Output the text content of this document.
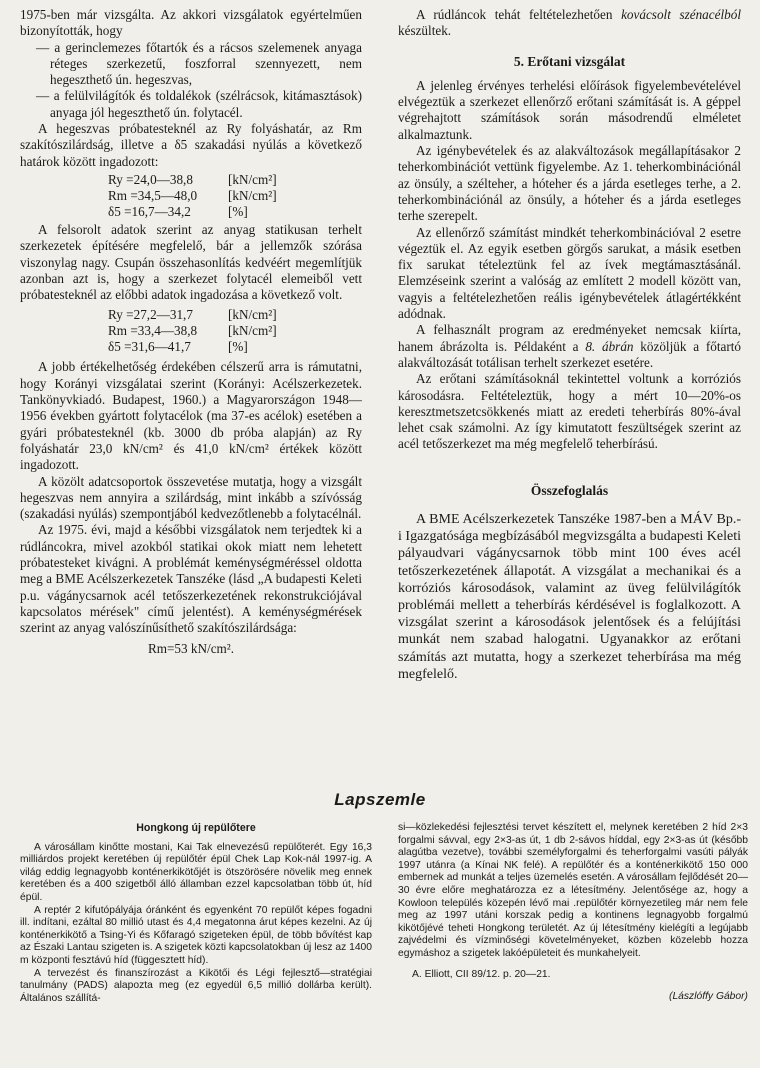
1975-ben már vizsgálta. Az akkori vizsgálatok egyértelműen bizonyították, hogy

— a gerinclemezes főtartók és a rácsos szelemenek anyaga réteges szerkezetű, foszforral szennyezett, nem hegeszthető ún. hegeszvas,

— a felülvilágítók és toldalékok (szélrácsok, kitámasztások) anyaga jól hegeszthető ún. folytacél.

A hegeszvas próbatesteknél az Ry folyáshatár, az Rm szakítószilárdság, illetve a δ5 szakadási nyúlás a következő határok között ingadozott:

Ry =24,0—38,8	[kN/cm²]
Rm =34,5—48,0	[kN/cm²]
δ5 =16,7—34,2	[%]

A felsorolt adatok szerint az anyag statikusan terhelt szerkezetek építésére megfelelő, bár a jellemzők szórása viszonylag nagy. Csupán összehasonlítás kedvéért megemlítjük azonban azt is, hogy a szerkezet folytacél elemeiből vett próbatesteknél az előbbi adatok ingadozása a következő volt.

Ry =27,2—31,7	[kN/cm²]
Rm =33,4—38,8	[kN/cm²]
δ5 =31,6—41,7	[%]

A jobb értékelhetőség érdekében célszerű arra is rámutatni, hogy Korányi vizsgálatai szerint (Korányi: Acélszerkezetek. Tankönyvkiadó. Budapest, 1960.) a Magyarországon 1948—1956 években gyártott folytacélok (ma 37-es acélok) esetében a gyári próbatesteknél (kb. 3000 db próba alapján) az Ry folyáshatár 23,0 kN/cm² és 41,0 kN/cm² értékek között ingadozott.

A közölt adatcsoportok összevetése mutatja, hogy a vizsgált hegeszvas nem annyira a szilárdság, mint inkább a szívósság (szakadási nyúlás) szempontjából kedvezőtlenebb a folytacélnál.

Az 1975. évi, majd a későbbi vizsgálatok nem terjedtek ki a rúdláncokra, mivel azokból statikai okok miatt nem lehetett próbatesteket kivágni. A problémát keménységméréssel oldotta meg a BME Acélszerkezetek Tanszéke (lásd „A budapesti Keleti p.u. vágánycsarnok acél tetőszerkezetének rekonstrukciójával kapcsolatos mérések" című jelentést). A keménységmérések szerint az anyag valószínűsíthető szakítószilárdsága:

Rm=53 kN/cm².

A rúdláncok tehát feltételezhetően kovácsolt szénacélból készültek.

5. Erőtani vizsgálat

A jelenleg érvényes terhelési előírások figyelembevételével elvégeztük a szerkezet ellenőrző erőtani számítását is. A géppel végrehajtott számítások során másodrendű elméletet alkalmaztunk.

Az igénybevételek és az alakváltozások megállapításakor 2 teherkombinációt vettünk figyelembe. Az 1. teherkombinációnál az önsúly, a szélteher, a hóteher és a járda esetleges terhe, a 2. teherkombinációnál az önsúly, a hóteher és a járda esetleges terhe szerepelt.

Az ellenőrző számítást mindkét teherkombinációval 2 esetre végeztük el. Az egyik esetben görgős sarukat, a másik esetben fix sarukat tételeztünk fel az ívek megtámasztásánál. Elemzéseink szerint a valóság az említett 2 modell között van, vagyis a feltételezhetően reális igénybevételek átlagértékként adódnak.

A felhasznált program az eredményeket nemcsak kiírta, hanem ábrázolta is. Példaként a 8. ábrán közöljük a főtartó alakváltozását totálisan terhelt szerkezet esetére.

Az erőtani számításoknál tekintettel voltunk a korróziós károsodásra. Feltételeztük, hogy a mért 10—20%-os keresztmetszetcsökkenés miatt az eredeti teherbírás 80%-ával lehet csak számolni. Az így kimutatott feszültségek szerint az acél tetőszerkezet ma még megfelelő teherbírású.

Összefoglalás

A BME Acélszerkezetek Tanszéke 1987-ben a MÁV Bp.-i Igazgatósága megbízásából megvizsgálta a budapesti Keleti pályaudvari vágánycsarnok több mint 100 éves acél tetőszerkezetének állapotát. A vizsgálat a mechanikai és a korróziós károsodások, valamint az üveg felülvilágítók problémái mellett a teherbírás kérdésével is foglalkozott. A vizsgálat szerint a károsodások jelentősek és a felújítási munkát nem szabad halogatni. Ugyanakkor az erőtani számítás azt mutatta, hogy a szerkezet teherbírása ma még megfelelő.

Lapszemle

Hongkong új repülőtere

A városállam kinőtte mostani, Kai Tak elnevezésű repülőterét. Egy 16,3 milliárdos projekt keretében új repülőtér épül Chek Lap Kok-nál 1997-ig. A világ eddig legnagyobb konténerkikötőjét is ötszörösére növelik meg ennek keretében és a 400 szigetből álló államban ezzel kapcsolatban több út, híd épül.

A reptér 2 kifutópályája óránként és egyenként 70 repülőt képes fogadni ill. indítani, ezáltal 80 millió utast és 4,4 megatonna árut képes kezelni. Az új konténerkikötő a Tsing-Yi és Kőfaragó szigeteken épül, de több bővítést kap az Északi Lantau szigeten is. A szigetek közti kapcsolatokban új lesz az 1400 m központi fesztávú híd (függesztett híd).

A tervezést és finanszírozást a Kikötői és Légi fejlesztő—stratégiai tanulmány (PADS) alapozta meg (ez egyedül 6,5 millió dollárba került). Általános szállítá-

si—közlekedési fejlesztési tervet készített el, melynek keretében 2 híd 2×3 forgalmi sávval, egy 2×3-as út, 1 db 2-sávos híddal, egy 2×3-as út (később alagútba vezetve), további személyforgalmi és teherforgalmi vasúti pályák 1997 utánra (a Kínai NK felé). A repülőtér és a konténerkikötő 150 000 embernek ad munkát a teljes üzemelés esetén. A városállam fejlődését 20—30 évre előre meghatározza ez a létesítmény. Jelentősége az, hogy a Kowloon település közepén lévő mai .repülőtér környezetileg már nem fele meg az 1997 utáni korszak pedig a kontinens legnagyobb forgalmú kikötőjévé teheti Hongkong területét. Az új létesítmény kielégíti a legújabb zajvédelmi és vízminőségi követelményeket, közben közelebb hozza egymáshoz a szigetek lakóépületeit és munkahelyeit.

A. Elliott, CII 89/12. p. 20—21.

(Lászlóffy Gábor)
